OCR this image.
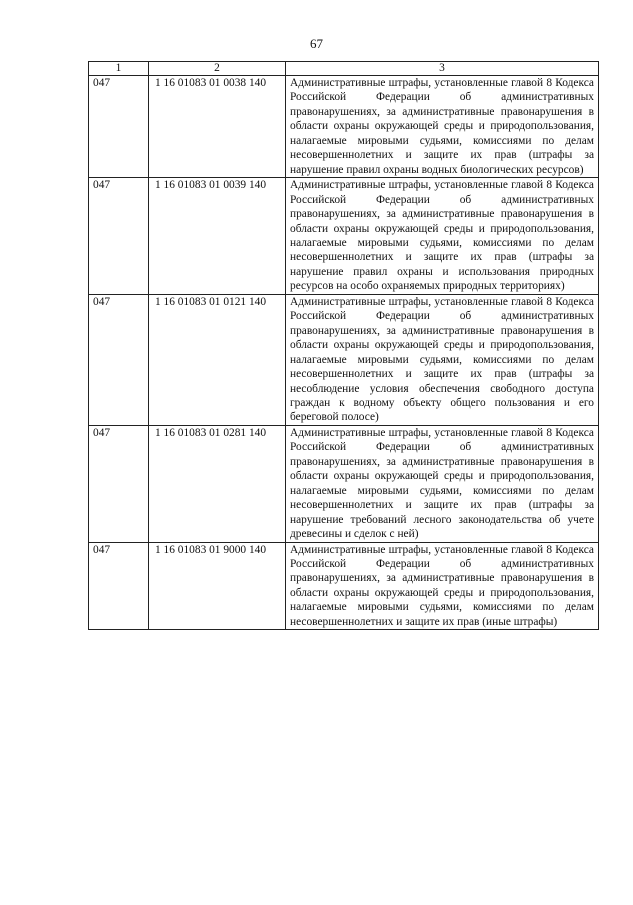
67
1	2	3
047	1 16 01083 01 0038 140	Административные штрафы, установленные главой 8 Кодекса Российской Федерации об административных правонарушениях, за административные правонарушения в области охраны окружающей среды и природопользования, налагаемые мировыми судьями, комиссиями по делам несовершеннолетних и защите их прав (штрафы за нарушение правил охраны водных биологических ресурсов)
047	1 16 01083 01 0039 140	Административные штрафы, установленные главой 8 Кодекса Российской Федерации об административных правонарушениях, за административные правонарушения в области охраны окружающей среды и природопользования, налагаемые мировыми судьями, комиссиями по делам несовершеннолетних и защите их прав (штрафы за нарушение правил охраны и использования природных ресурсов на особо охраняемых природных территориях)
047	1 16 01083 01 0121 140	Административные штрафы, установленные главой 8 Кодекса Российской Федерации об административных правонарушениях, за административные правонарушения в области охраны окружающей среды и природопользования, налагаемые мировыми судьями, комиссиями по делам несовершеннолетних и защите их прав (штрафы за несоблюдение условия обеспечения свободного доступа граждан к водному объекту общего пользования и его береговой полосе)
047	1 16 01083 01 0281 140	Административные штрафы, установленные главой 8 Кодекса Российской Федерации об административных правонарушениях, за административные правонарушения в области охраны окружающей среды и природопользования, налагаемые мировыми судьями, комиссиями по делам несовершеннолетних и защите их прав (штрафы за нарушение требований лесного законодательства об учете древесины и сделок с ней)
047	1 16 01083 01 9000 140	Административные штрафы, установленные главой 8 Кодекса Российской Федерации об административных правонарушениях, за административные правонарушения в области охраны окружающей среды и природопользования, налагаемые мировыми судьями, комиссиями по делам несовершеннолетних и защите их прав (иные штрафы)
